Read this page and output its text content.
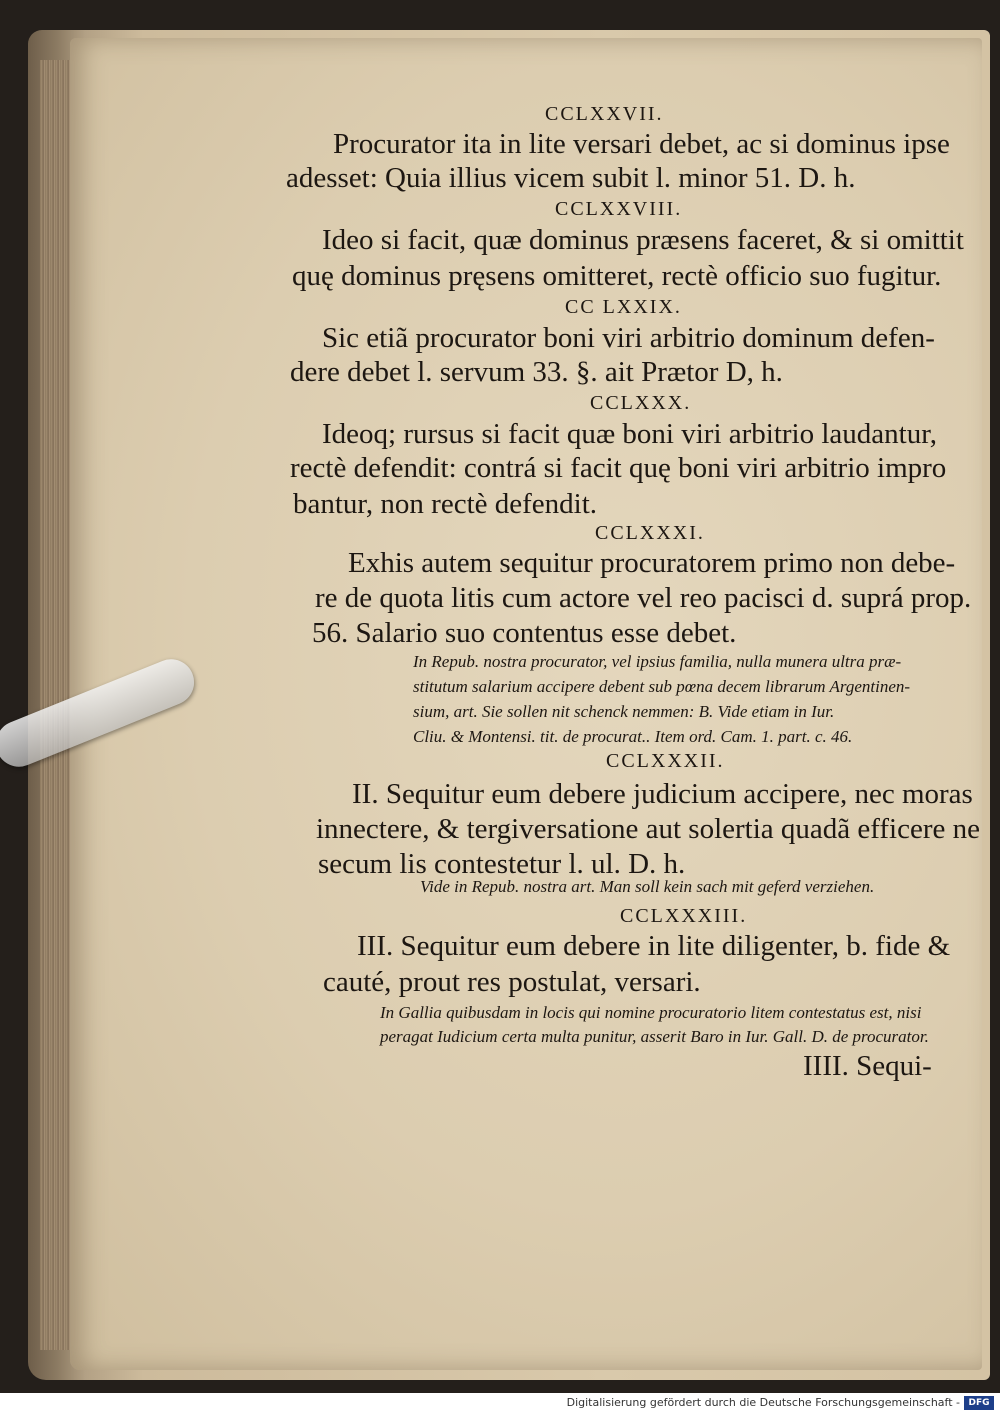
CCLXXVII.
Procurator ita in lite versari debet, ac si dominus ipse
adesset: Quia illius vicem subit l. minor 51. D. h.
CCLXXVIII.
Ideo si facit, quæ dominus præsens faceret, & si omittit
quę dominus pręsens omitteret, rectè officio suo fugitur.
CC LXXIX.
Sic etiã procurator boni viri arbitrio dominum defen-
dere debet l. servum 33. §. ait Prætor D, h.
CCLXXX.
Ideoq; rursus si facit quæ boni viri arbitrio laudantur,
rectè defendit: contrá si facit quę boni viri arbitrio impro
bantur, non rectè defendit.
CCLXXXI.
Exhis autem sequitur procuratorem primo non debe-
re de quota litis cum actore vel reo pacisci d. suprá prop.
56. Salario suo contentus esse debet.
In Repub. nostra procurator, vel ipsius familia, nulla munera ultra præ-
stitutum salarium accipere debent sub pœna decem librarum Argentinen-
sium, art. Sie sollen nit schenck nemmen: B. Vide etiam in Iur.
Cliu. & Montensi. tit. de procurat.. Item ord. Cam. 1. part. c. 46.
CCLXXXII.
II. Sequitur eum debere judicium accipere, nec moras
innectere, & tergiversatione aut solertia quadã efficere ne
secum lis contestetur l. ul. D. h.
Vide in Repub. nostra art. Man soll kein sach mit geferd verziehen.
CCLXXXIII.
III. Sequitur eum debere in lite diligenter, b. fide &
cauté, prout res postulat, versari.
In Gallia quibusdam in locis qui nomine procuratorio litem contestatus est, nisi
peragat Iudicium certa multa punitur, asserit Baro in Iur. Gall. D. de procurator.
IIII. Sequi-
Digitalisierung gefördert durch die Deutsche Forschungsgemeinschaft - DFG
